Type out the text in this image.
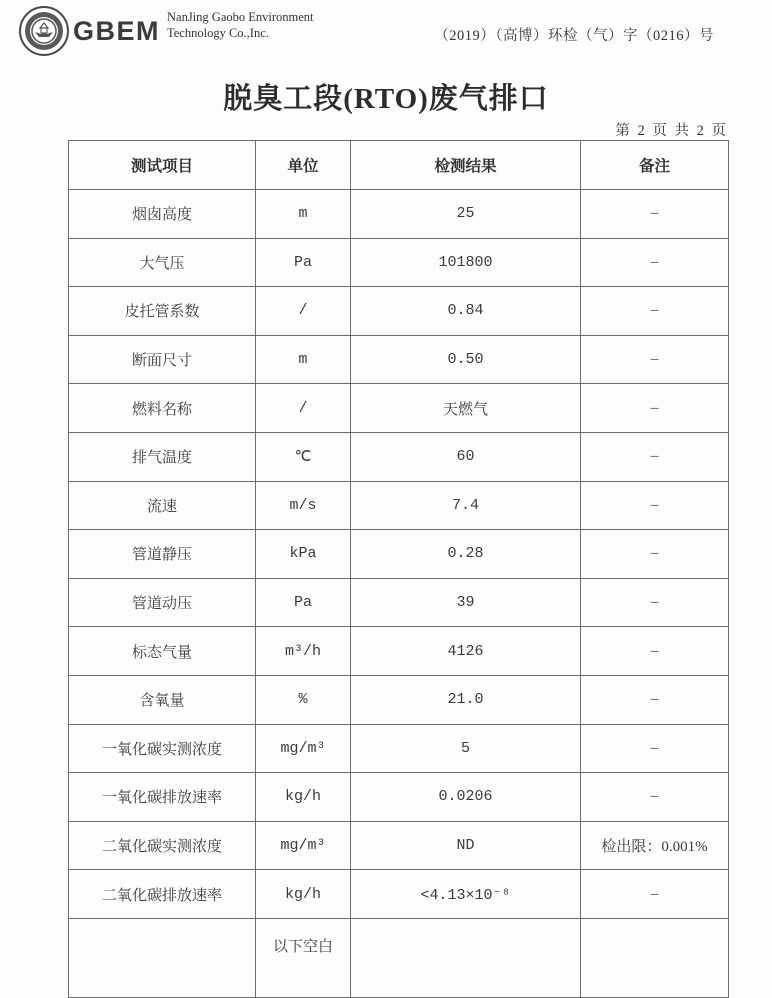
GBEM NanJing Gaobo Environment Technology Co.,Inc.	（2019）（高博）环检（气）字（0216）号
脱臭工段(RTO)废气排口
第 2 页 共 2 页
测试项目	单位	检测结果	备注
烟囱高度	m	25	–
大气压	Pa	101800	–
皮托管系数	/	0.84	–
断面尺寸	m	0.50	–
燃料名称	/	天燃气	–
排气温度	℃	60	–
流速	m/s	7.4	–
管道静压	kPa	0.28	–
管道动压	Pa	39	–
标态气量	m³/h	4126	–
含氧量	%	21.0	–
一氧化碳实测浓度	mg/m³	5	–
一氧化碳排放速率	kg/h	0.0206	–
二氧化碳实测浓度	mg/m³	ND	检出限：0.001%
二氧化碳排放速率	kg/h	<4.13×10⁻⁸	–
	以下空白		
